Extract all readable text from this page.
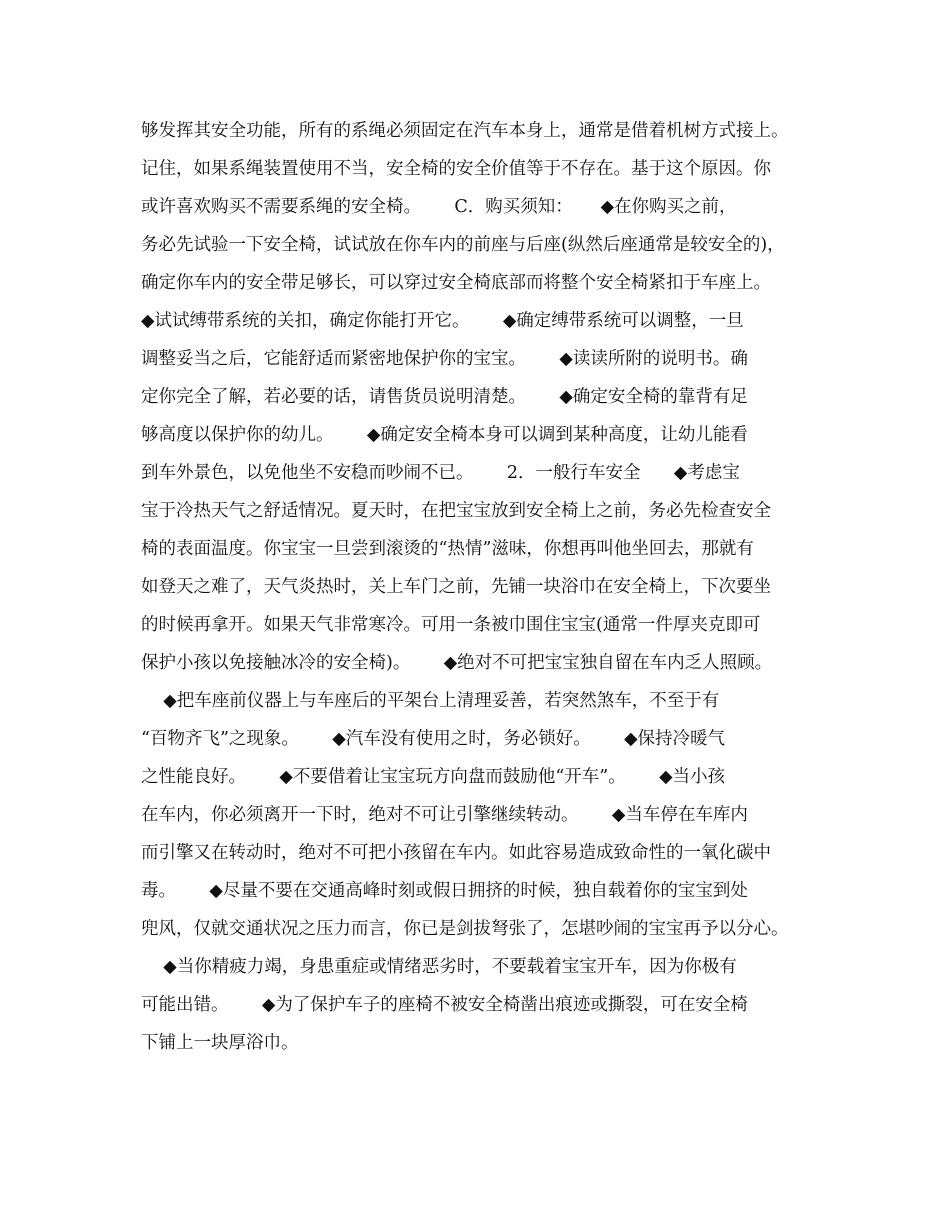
够发挥其安全功能，所有的系绳必须固定在汽车本身上，通常是借着机树方式接上。
记住，如果系绳装置使用不当，安全椅的安全价值等于不存在。基于这个原因。你
或许喜欢购买不需要系绳的安全椅。      C．购买须知：     ◆在你购买之前，
务必先试验一下安全椅，试试放在你车内的前座与后座(纵然后座通常是较安全的)，
确定你车内的安全带足够长，可以穿过安全椅底部而将整个安全椅紧扣于车座上。
◆试试缚带系统的关扣，确定你能打开它。      ◆确定缚带系统可以调整，一旦
调整妥当之后，它能舒适而紧密地保护你的宝宝。      ◆读读所附的说明书。确
定你完全了解，若必要的话，请售货员说明清楚。      ◆确定安全椅的靠背有足
够高度以保护你的幼儿。      ◆确定安全椅本身可以调到某种高度，让幼儿能看
到车外景色，以免他坐不安稳而吵闹不已。      2．一般行车安全      ◆考虑宝
宝于冷热天气之舒适情况。夏天时，在把宝宝放到安全椅上之前，务必先检查安全
椅的表面温度。你宝宝一旦尝到滚烫的“热情”滋味，你想再叫他坐回去，那就有
如登天之难了，天气炎热时，关上车门之前，先铺一块浴巾在安全椅上，下次要坐
的时候再拿开。如果天气非常寒冷。可用一条被巾围住宝宝(通常一件厚夹克即可
保护小孩以免接触冰冷的安全椅)。      ◆绝对不可把宝宝独自留在车内乏人照顾。
◆把车座前仪器上与车座后的平架台上清理妥善，若突然煞车，不至于有
“百物齐飞”之现象。      ◆汽车没有使用之时，务必锁好。      ◆保持冷暖气
之性能良好。      ◆不要借着让宝宝玩方向盘而鼓励他“开车”。      ◆当小孩
在车内，你必须离开一下时，绝对不可让引擎继续转动。      ◆当车停在车库内
而引擎又在转动时，绝对不可把小孩留在车内。如此容易造成致命性的一氧化碳中
毒。      ◆尽量不要在交通高峰时刻或假日拥挤的时候，独自载着你的宝宝到处
兜风，仅就交通状况之压力而言，你已是剑拔弩张了，怎堪吵闹的宝宝再予以分心。
◆当你精疲力竭，身患重症或情绪恶劣时，不要载着宝宝开车，因为你极有
可能出错。      ◆为了保护车子的座椅不被安全椅凿出痕迹或撕裂，可在安全椅
下铺上一块厚浴巾。
